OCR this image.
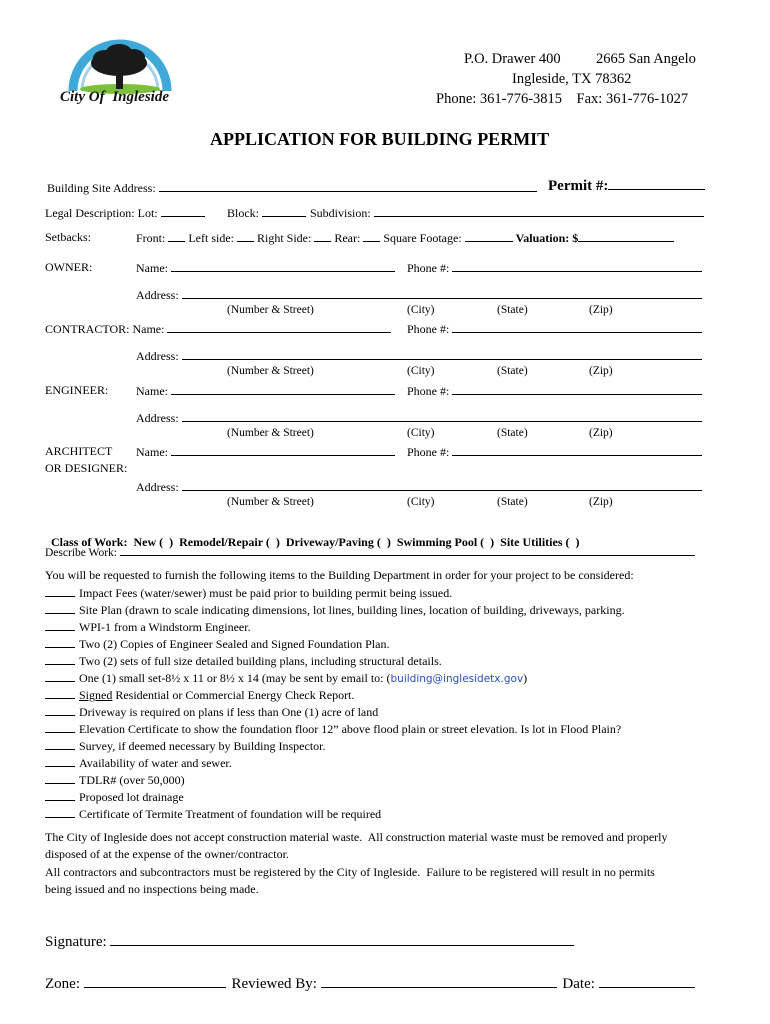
City Of Ingleside
P.O. Drawer 400 2665 San Angelo
Ingleside, TX 78362
Phone: 361-776-3815    Fax: 361-776-1027
APPLICATION FOR BUILDING PERMIT
Building Site Address:	Permit #:
Legal Description: Lot:	Block:	Subdivision:
Setbacks:	Front: Left side: Right Side: Rear: Square Footage:	Valuation: $
OWNER:	Name:	Phone #:
Address:
(Number & Street)	(City)	(State)	(Zip)
CONTRACTOR: Name:	Phone #:
Address:
(Number & Street)	(City)	(State)	(Zip)
ENGINEER: Name:	Phone #:
Address:
(Number & Street)	(City)	(State)	(Zip)
ARCHITECT
OR DESIGNER:
Name:	Phone #:
Address:
(Number & Street)	(City)	(State)	(Zip)

Class of Work: New (  )  Remodel/Repair (  )  Driveway/Paving (  )  Swimming Pool (  )  Site Utilities (  )

Describe Work:
You will be requested to furnish the following items to the Building Department in order for your project to be considered:
Impact Fees (water/sewer) must be paid prior to building permit being issued.
Site Plan (drawn to scale indicating dimensions, lot lines, building lines, location of building, driveways, parking.
WPI-1 from a Windstorm Engineer.
Two (2) Copies of Engineer Sealed and Signed Foundation Plan.
Two (2) sets of full size detailed building plans, including structural details.
One (1) small set-8½ x 11 or 8½ x 14 (may be sent by email to: (building@inglesidetx.gov)
Signed Residential or Commercial Energy Check Report.
Driveway is required on plans if less than One (1) acre of land
Elevation Certificate to show the foundation floor 12” above flood plain or street elevation. Is lot in Flood Plain?
Survey, if deemed necessary by Building Inspector.
Availability of water and sewer.
TDLR# (over 50,000)
Proposed lot drainage
Certificate of Termite Treatment of foundation will be required
The City of Ingleside does not accept construction material waste.  All construction material waste must be removed and properly
disposed of at the expense of the owner/contractor.
All contractors and subcontractors must be registered by the City of Ingleside.  Failure to be registered will result in no permits
being issued and no inspections being made.
Signature:
Zone:	Reviewed By:	Date:
